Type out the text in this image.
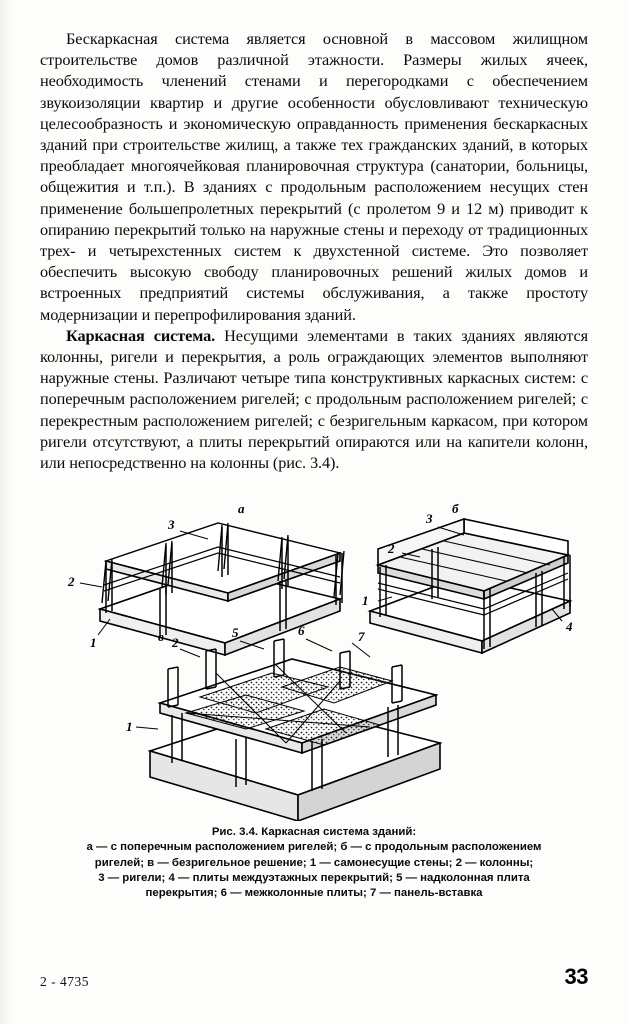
Бескаркасная система является основной в массовом жилищном строительстве домов различной этажности. Размеры жилых ячеек, необходимость членений стенами и перегородками с обеспечением звукоизоляции квартир и другие особенности обусловливают техническую целесообразность и экономическую оправданность применения бескаркасных зданий при строительстве жилищ, а также тех гражданских зданий, в которых преобладает многоячейковая планировочная структура (санатории, больницы, общежития и т.п.). В зданиях с продольным расположением несущих стен применение большепролетных перекрытий (с пролетом 9 и 12 м) приводит к опиранию перекрытий только на наружные стены и переходу от традиционных трех- и четырехстенных систем к двухстенной системе. Это позволяет обеспечить высокую свободу планировочных решений жилых домов и встроенных предприятий системы обслуживания, а также простоту модернизации и перепрофилирования зданий.

Каркасная система. Несущими элементами в таких зданиях являются колонны, ригели и перекрытия, а роль ограждающих элементов выполняют наружные стены. Различают четыре типа конструктивных каркасных систем: с поперечным расположением ригелей; с продольным расположением ригелей; с перекрестным расположением ригелей; с безригельным каркасом, при котором ригели отсутствуют, а плиты перекрытий опираются или на капители колонн, или непосредственно на колонны (рис. 3.4).

а
3
2
1
б
3
2
1
4
в	5	6	7
2
1
Рис. 3.4. Каркасная система зданий:
а — с поперечным расположением ригелей; б — с продольным расположением
ригелей; в — безригельное решение; 1 — самонесущие стены; 2 — колонны;
3 — ригели; 4 — плиты междуэтажных перекрытий; 5 — надколонная плита
перекрытия; 6 — межколонные плиты; 7 — панель-вставка
2 - 4735	33
